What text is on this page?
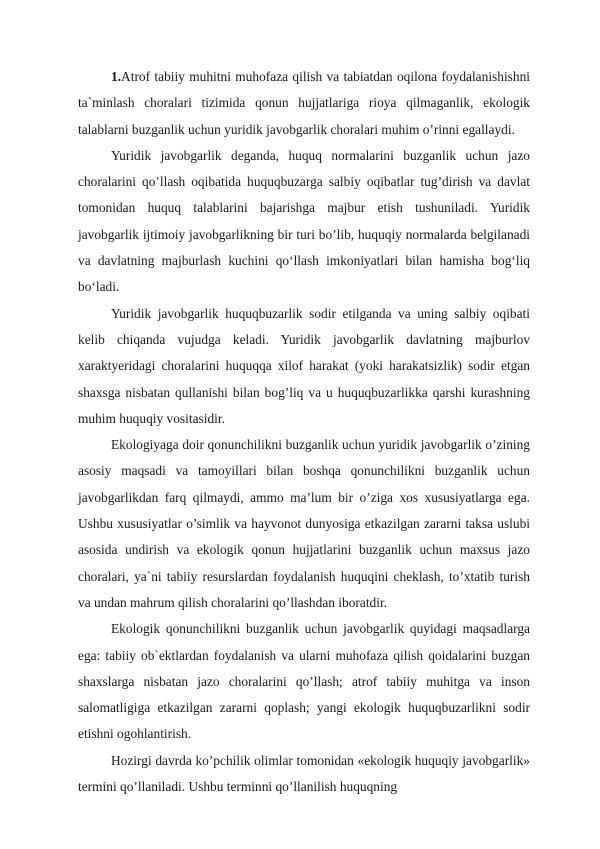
1.Atrof tabiiy muhitni muhofaza qilish va tabiatdan oqilona foydalanishishni ta`minlash choralari tizimida qonun hujjatlariga rioya qilmaganlik, ekologik talablarni buzganlik uchun yuridik javobgarlik choralari muhim o’rinni egallaydi.

Yuridik javobgarlik deganda, huquq normalarini buzganlik uchun jazo choralarini qo’llash oqibatida huquqbuzarga salbiy oqibatlar tug’dirish va davlat tomonidan huquq talablarini bajarishga majbur etish tushuniladi. Yuridik javobgarlik ijtimoiy javobgarlikning bir turi bo’lib, huquqiy normalarda belgilanadi va davlatning majburlash kuchini qo‘llash imkoniyatlari bilan hamisha bog‘liq bo‘ladi.

Yuridik javobgarlik huquqbuzarlik sodir etilganda va uning salbiy oqibati kelib chiqanda vujudga keladi. Yuridik javobgarlik davlatning majburlov xaraktyeridagi choralarini huquqqa xilof harakat (yoki harakatsizlik) sodir etgan shaxsga nisbatan qullanishi bilan bog’liq va u huquqbuzarlikka qarshi kurashning muhim huquqiy vositasidir.

Ekologiyaga doir qonunchilikni buzganlik uchun yuridik javobgarlik o’zining asosiy maqsadi va tamoyillari bilan boshqa qonunchilikni buzganlik uchun javobgarlikdan farq qilmaydi, ammo ma’lum bir o’ziga xos xususiyatlarga ega. Ushbu xususiyatlar o’simlik va hayvonot dunyosiga etkazilgan zararni taksa uslubi asosida undirish va ekologik qonun hujjatlarini buzganlik uchun maxsus jazo choralari, ya`ni tabiiy resurslardan foydalanish huquqini cheklash, to’xtatib turish va undan mahrum qilish choralarini qo’llashdan iboratdir.

Ekologik qonunchilikni buzganlik uchun javobgarlik quyidagi maqsadlarga ega: tabiiy ob`ektlardan foydalanish va ularni muhofaza qilish qoidalarini buzgan shaxslarga nisbatan jazo choralarini qo’llash; atrof tabiiy muhitga va inson salomatligiga etkazilgan zararni qoplash; yangi ekologik huquqbuzarlikni sodir etishni ogohlantirish.

Hozirgi davrda ko’pchilik olimlar tomonidan «ekologik huquqiy javobgarlik» termini qo’llaniladi. Ushbu terminni qo’llanilish huquqning
